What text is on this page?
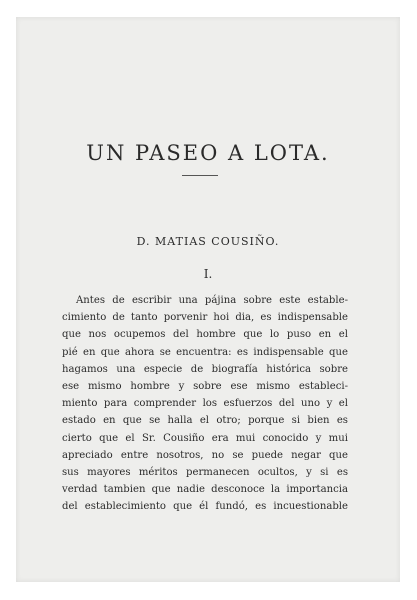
UN PASEO A LOTA.
D. MATIAS COUSIÑO.
I.
Antes de escribir una pájina sobre este estable-
cimiento de tanto porvenir hoi dia, es indispensable
que nos ocupemos del hombre que lo puso en el
pié en que ahora se encuentra: es indispensable que
hagamos una especie de biografía histórica sobre
ese mismo hombre y sobre ese mismo estableci-
miento para comprender los esfuerzos del uno y el
estado en que se halla el otro; porque si bien es
cierto que el Sr. Cousiño era mui conocido y mui
apreciado entre nosotros, no se puede negar que
sus mayores méritos permanecen ocultos, y si es
verdad tambien que nadie desconoce la importancia
del establecimiento que él fundó, es incuestionable
